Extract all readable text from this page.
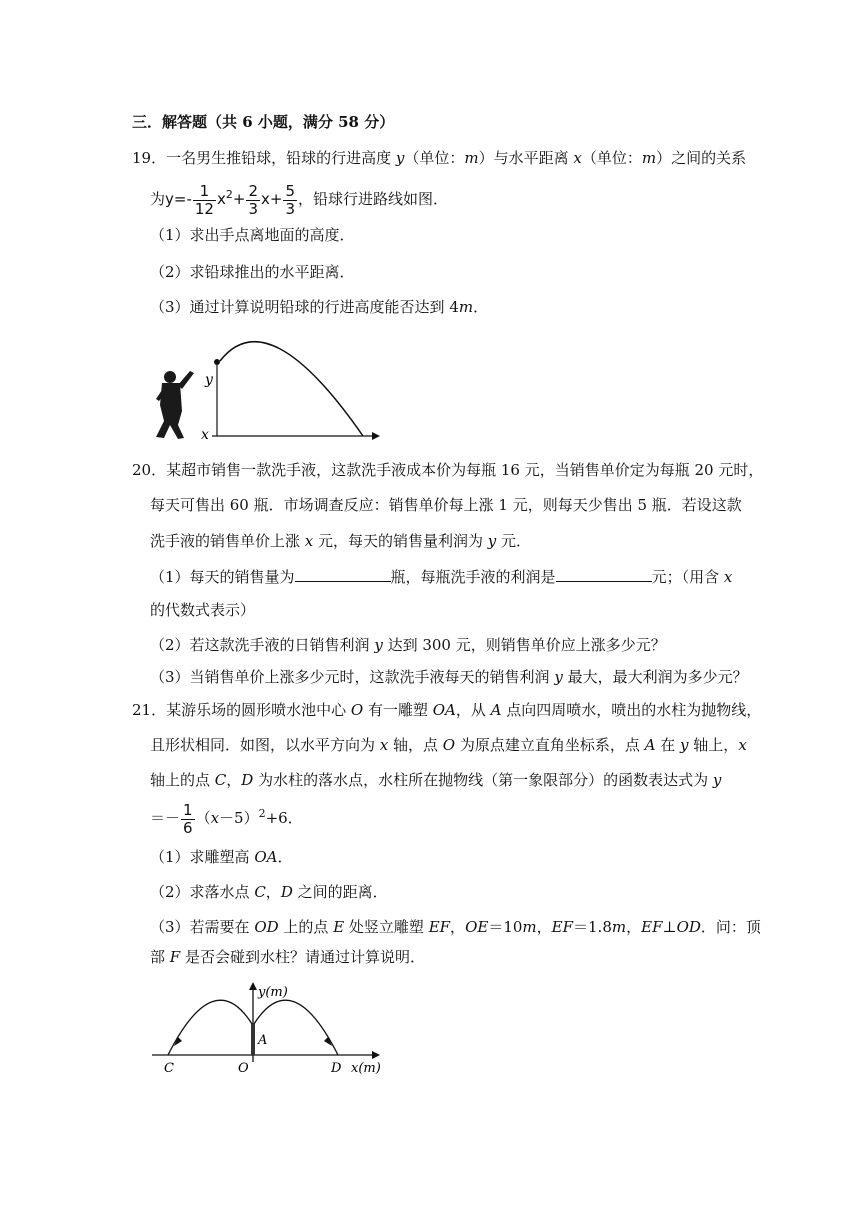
三．解答题（共 6 小题，满分 58 分）
19．一名男生推铅球，铅球的行进高度 y（单位：m）与水平距离 x（单位：m）之间的关系
为$y=- \frac{1}{12} x^2+ \frac{2}{3} x+ \frac{5}{3}$ ，铅球行进路线如图．
（1）求出手点离地面的高度．
（2）求铅球推出的水平距离．
（3）通过计算说明铅球的行进高度能否达到 4m．
y
x
20．某超市销售一款洗手液，这款洗手液成本价为每瓶 16 元，当销售单价定为每瓶 20 元时，
每天可售出 60 瓶．市场调查反应：销售单价每上涨 1 元，则每天少售出 5 瓶．若设这款
洗手液的销售单价上涨 x 元，每天的销售量利润为 y 元．
（1）每天的销售量为	瓶，每瓶洗手液的利润是	元；（用含 x
的代数式表示）
（2）若这款洗手液的日销售利润 y 达到 300 元，则销售单价应上涨多少元？
（3）当销售单价上涨多少元时，这款洗手液每天的销售利润 y 最大，最大利润为多少元？
21．某游乐场的圆形喷水池中心 O 有一雕塑 OA，从 A 点向四周喷水，喷出的水柱为抛物线，
且形状相同．如图，以水平方向为 x 轴，点 O 为原点建立直角坐标系，点 A 在 y 轴上，x
轴上的点 C，D 为水柱的落水点，水柱所在抛物线（第一象限部分）的函数表达式为 y
＝－ $\frac{1}{6} (x-5)^2+6$．
（1）求雕塑高 OA．
（2）求落水点 C，D 之间的距离．
（3）若需要在 OD 上的点 E 处竖立雕塑 EF，OE＝10m，EF＝1.8m，EF⊥OD．问：顶
部 F 是否会碰到水柱？请通过计算说明．
y(m)
A
C	O	D x(m)
